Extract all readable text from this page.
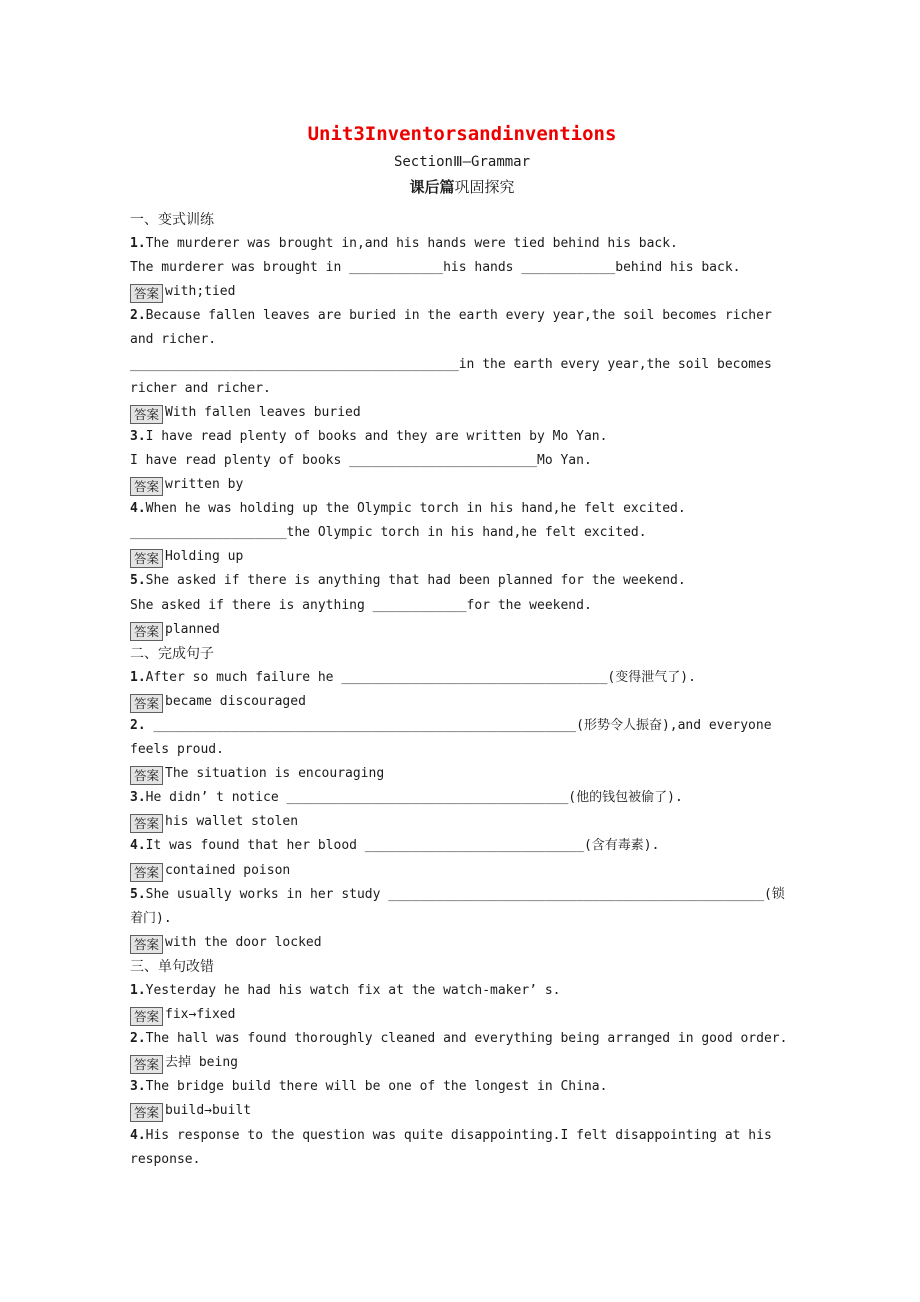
Unit3Inventorsandinventions
SectionⅢ—Grammar
课后篇巩固探究

一、变式训练

1.The murderer was brought in,and his hands were tied behind his back.

The murderer was brought in ____________his hands ____________behind his back.

答案 with;tied

2.Because fallen leaves are buried in the earth every year,the soil becomes richer

and richer.

__________________________________________in the earth every year,the soil becomes

richer and richer.

答案 With fallen leaves buried

3.I have read plenty of books and they are written by Mo Yan.

I have read plenty of books ________________________Mo Yan.

答案 written by

4.When he was holding up the Olympic torch in his hand,he felt excited.

____________________the Olympic torch in his hand,he felt excited.

答案 Holding up

5.She asked if there is anything that had been planned for the weekend.

She asked if there is anything ____________for the weekend.

答案 planned

二、完成句子

1.After so much failure he __________________________________(变得泄气了).

答案 became discouraged

2. ______________________________________________________(形势令人振奋),and everyone

feels proud.

答案 The situation is encouraging

3.He didn’ t notice ____________________________________(他的钱包被偷了).

答案 his wallet stolen

4.It was found that her blood ____________________________(含有毒素).

答案 contained poison

5.She usually works in her study ________________________________________________(锁

着门).

答案 with the door locked

三、单句改错

1.Yesterday he had his watch fix at the watch-maker’ s.

答案 fix→fixed

2.The hall was found thoroughly cleaned and everything being arranged in good order.

答案 去掉 being

3.The bridge build there will be one of the longest in China.

答案 build→built

4.His response to the question was quite disappointing.I felt disappointing at his

response.
